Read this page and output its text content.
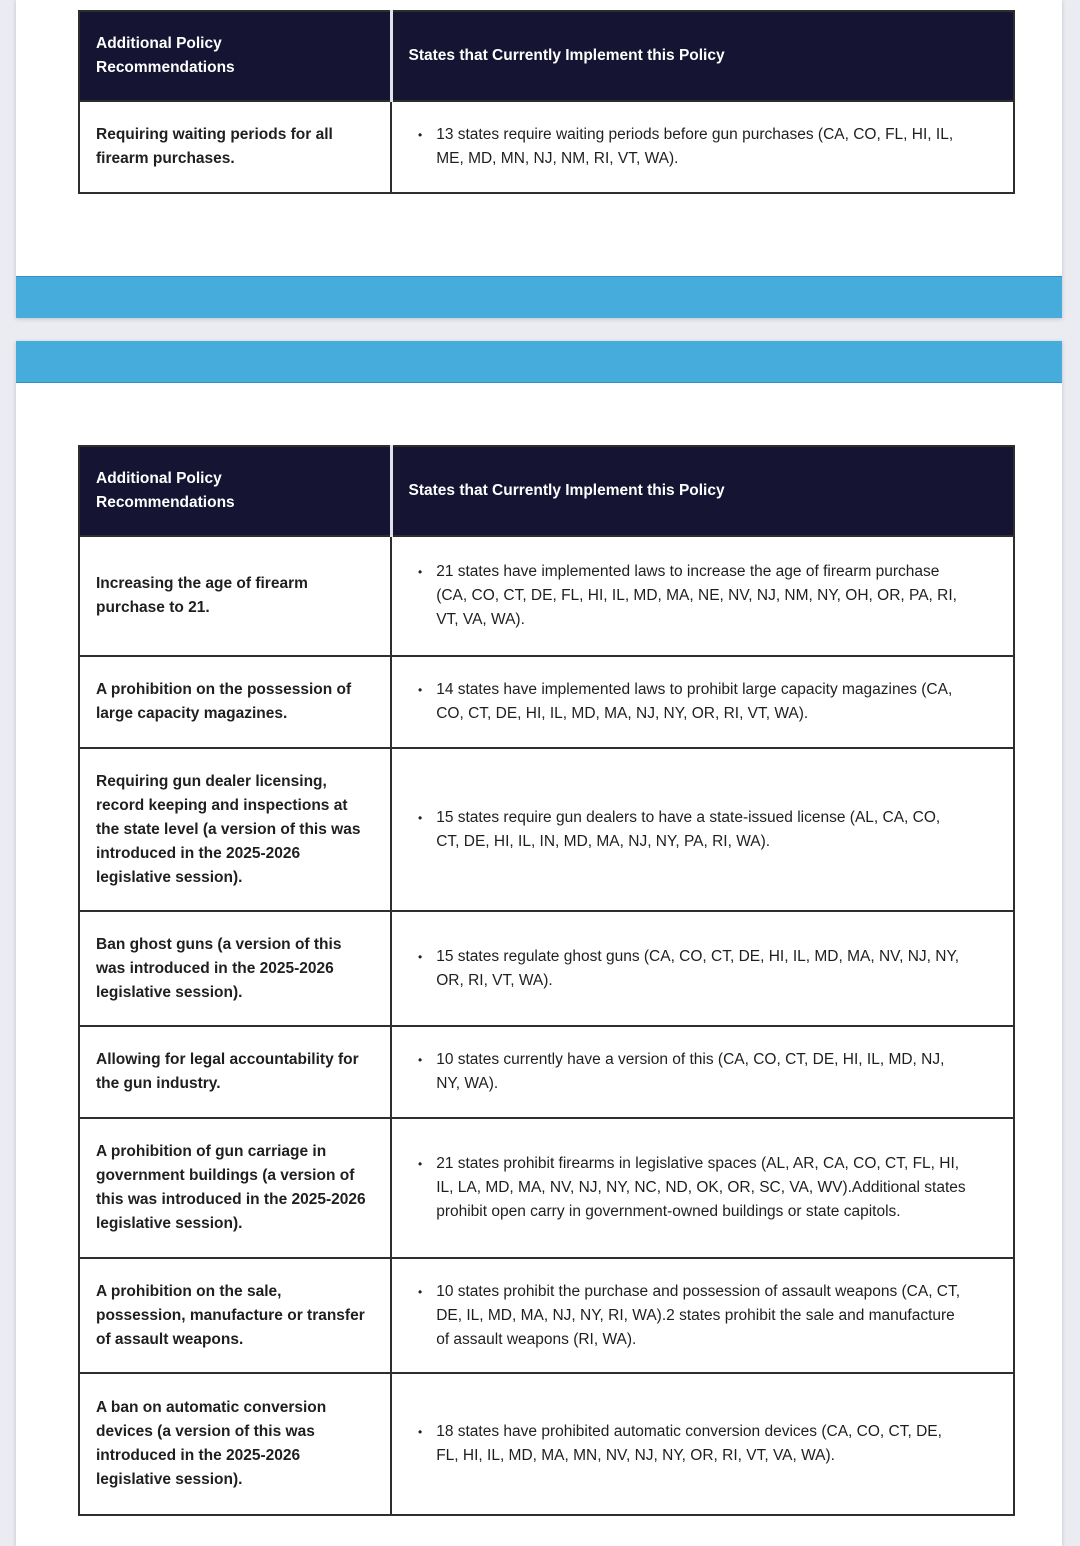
Additional Policy Recommendations	States that Currently Implement this Policy
Requiring waiting periods for all firearm purchases.	• 13 states require waiting periods before gun purchases (CA, CO, FL, HI, IL, ME, MD, MN, NJ, NM, RI, VT, WA).
Additional Policy Recommendations	States that Currently Implement this Policy
Increasing the age of firearm purchase to 21.	• 21 states have implemented laws to increase the age of firearm purchase (CA, CO, CT, DE, FL, HI, IL, MD, MA, NE, NV, NJ, NM, NY, OH, OR, PA, RI, VT, VA, WA).

A prohibition on the possession of large capacity magazines.	• 14 states have implemented laws to prohibit large capacity magazines (CA, CO, CT, DE, HI, IL, MD, MA, NJ, NY, OR, RI, VT, WA).

Requiring gun dealer licensing, record keeping and inspections at the state level (a version of this was introduced in the 2025-2026 legislative session).	• 15 states require gun dealers to have a state-issued license (AL, CA, CO, CT, DE, HI, IL, IN, MD, MA, NJ, NY, PA, RI, WA).

Ban ghost guns (a version of this was introduced in the 2025-2026 legislative session).	• 15 states regulate ghost guns (CA, CO, CT, DE, HI, IL, MD, MA, NV, NJ, NY, OR, RI, VT, WA).

Allowing for legal accountability for the gun industry.	• 10 states currently have a version of this (CA, CO, CT, DE, HI, IL, MD, NJ, NY, WA).

A prohibition of gun carriage in government buildings (a version of this was introduced in the 2025-2026 legislative session).	• 21 states prohibit firearms in legislative spaces (AL, AR, CA, CO, CT, FL, HI, IL, LA, MD, MA, NV, NJ, NY, NC, ND, OK, OR, SC, VA, WV).Additional states prohibit open carry in government-owned buildings or state capitols.

A prohibition on the sale, possession, manufacture or transfer of assault weapons.	• 10 states prohibit the purchase and possession of assault weapons (CA, CT, DE, IL, MD, MA, NJ, NY, RI, WA).2 states prohibit the sale and manufacture of assault weapons (RI, WA).

A ban on automatic conversion devices (a version of this was introduced in the 2025-2026 legislative session).	• 18 states have prohibited automatic conversion devices (CA, CO, CT, DE, FL, HI, IL, MD, MA, MN, NV, NJ, NY, OR, RI, VT, VA, WA).
